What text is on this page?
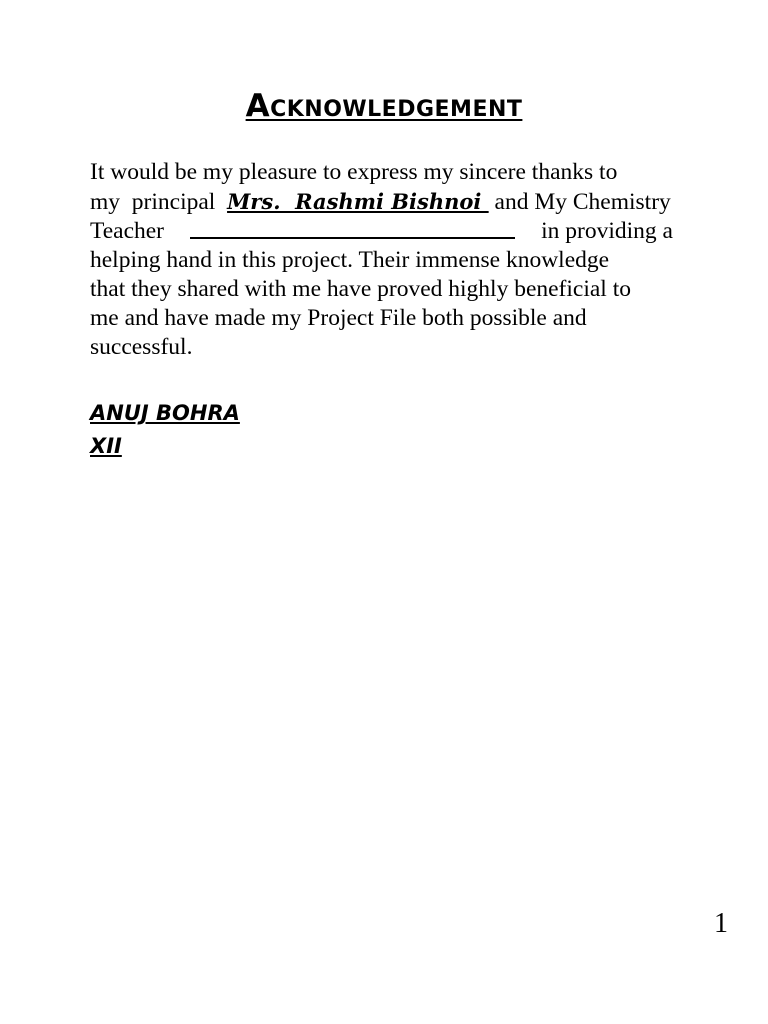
Acknowledgement
It would be my pleasure to express my sincere thanks to
my  principal  Mrs.  Rashmi Bishnoi  and My Chemistry
Teacher	in providing a
helping hand in this project. Their immense knowledge
that they shared with me have proved highly beneficial to
me and have made my Project File both possible and
successful.
ANUJ BOHRA
XII

1
